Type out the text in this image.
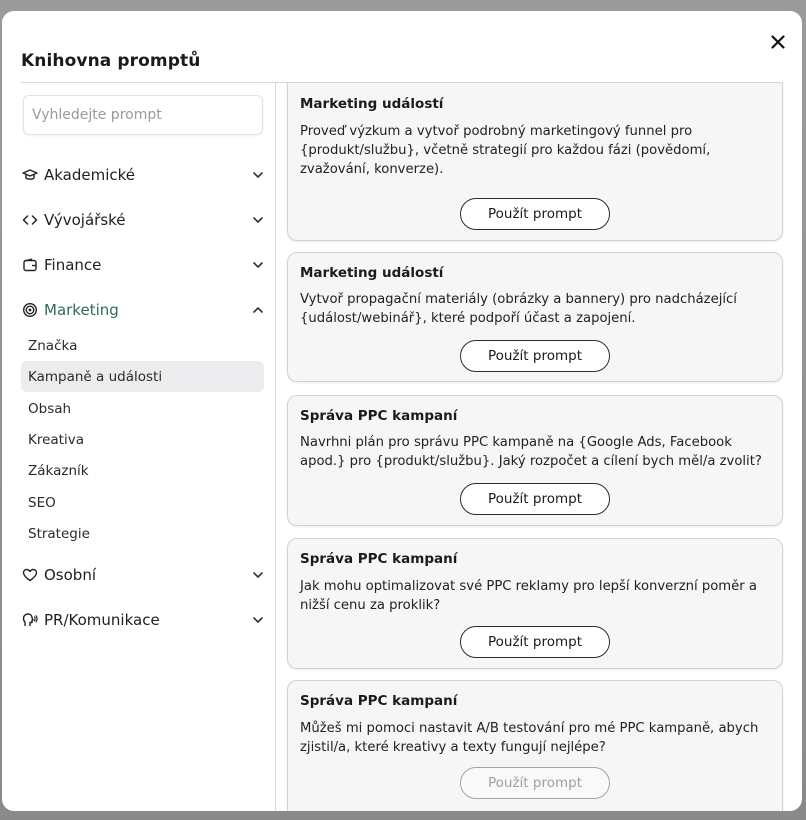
Knihovna promptů
Vyhledejte prompt
Akademické
Vývojářské
Finance
Marketing
Značka
Kampaně a události
Obsah
Kreativa
Zákazník
SEO
Strategie
Osobní
PR/Komunikace
Marketing událostí
Proveď výzkum a vytvoř podrobný marketingový funnel pro {produkt/službu}, včetně strategií pro každou fázi (povědomí, zvažování, konverze).
Použít prompt
Marketing událostí
Vytvoř propagační materiály (obrázky a bannery) pro nadcházející {událost/webinář}, které podpoří účast a zapojení.
Použít prompt
Správa PPC kampaní
Navrhni plán pro správu PPC kampaně na {Google Ads, Facebook apod.} pro {produkt/službu}. Jaký rozpočet a cílení bych měl/a zvolit?
Použít prompt
Správa PPC kampaní
Jak mohu optimalizovat své PPC reklamy pro lepší konverzní poměr a nižší cenu za proklik?
Použít prompt
Správa PPC kampaní
Můžeš mi pomoci nastavit A/B testování pro mé PPC kampaně, abych zjistil/a, které kreativy a texty fungují nejlépe?
Použít prompt
